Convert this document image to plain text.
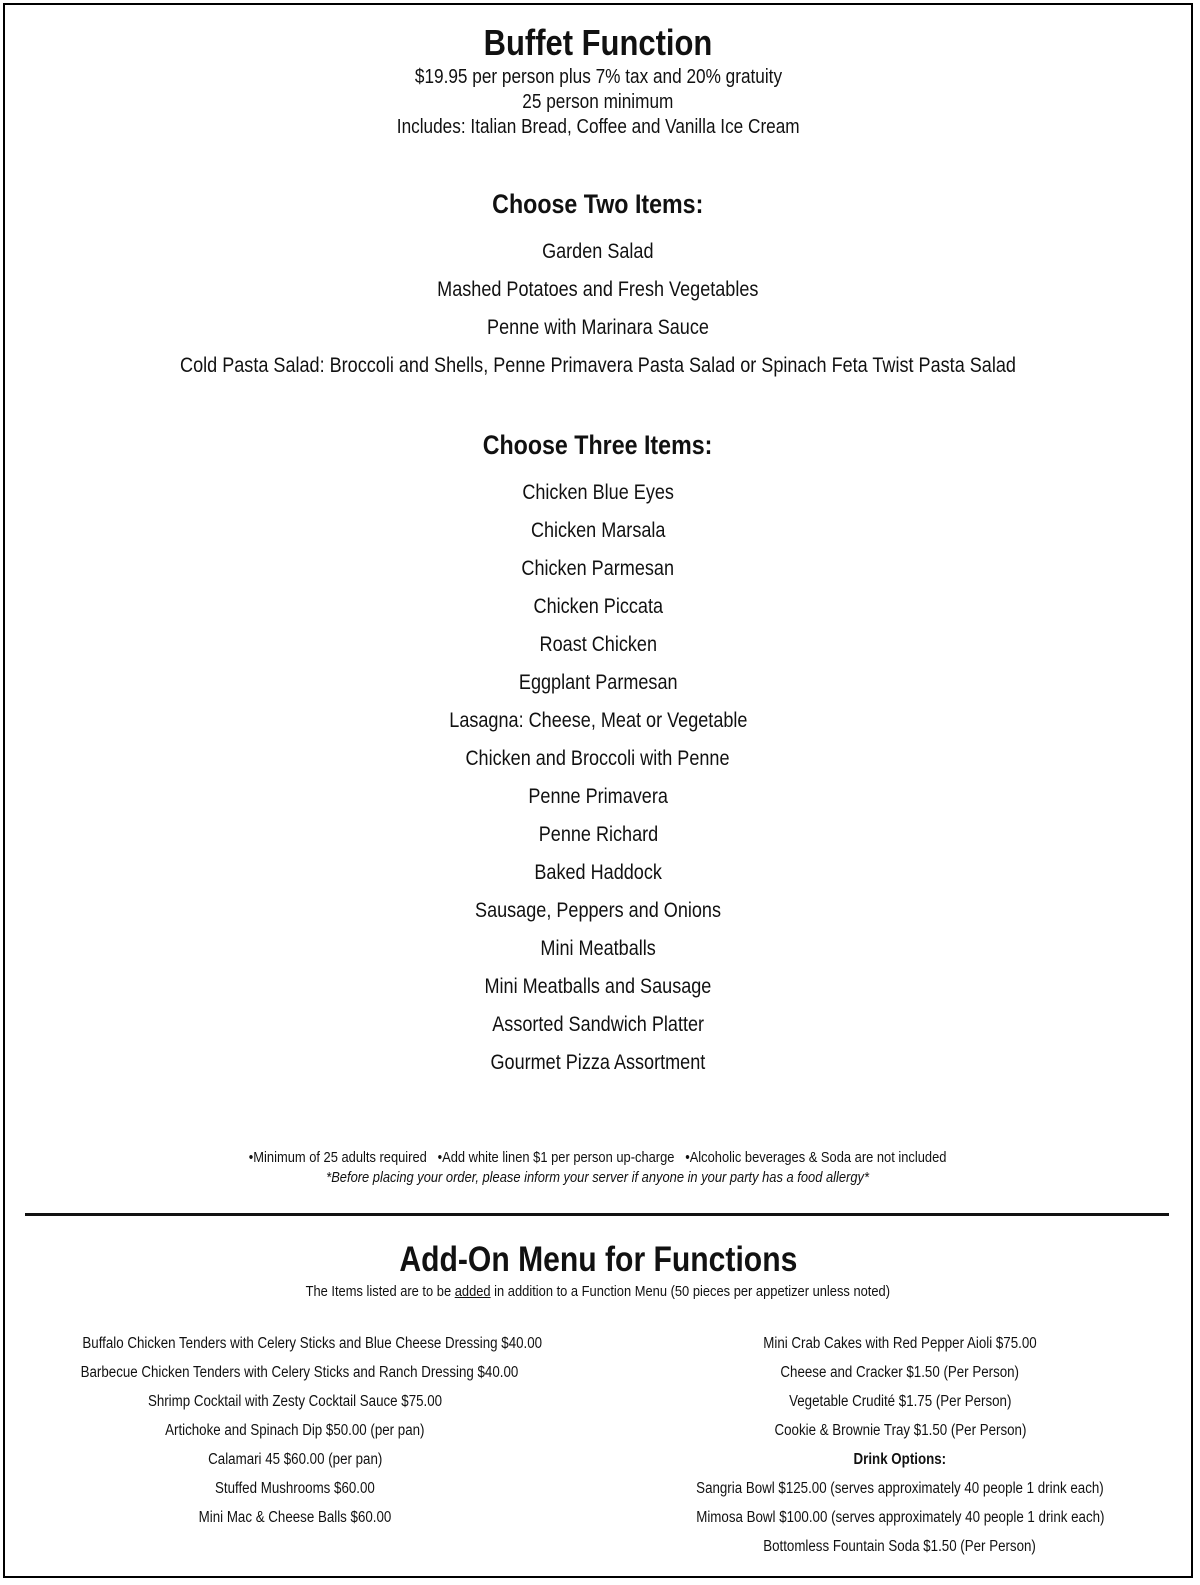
Buffet Function
$19.95 per person plus 7% tax and 20% gratuity
25 person minimum
Includes: Italian Bread, Coffee and Vanilla Ice Cream
Choose Two Items:
Garden Salad
Mashed Potatoes and Fresh Vegetables
Penne with Marinara Sauce
Cold Pasta Salad: Broccoli and Shells, Penne Primavera Pasta Salad or Spinach Feta Twist Pasta Salad
Choose Three Items:
Chicken Blue Eyes
Chicken Marsala
Chicken Parmesan
Chicken Piccata
Roast Chicken
Eggplant Parmesan
Lasagna: Cheese, Meat or Vegetable
Chicken and Broccoli with Penne
Penne Primavera
Penne Richard
Baked Haddock
Sausage, Peppers and Onions
Mini Meatballs
Mini Meatballs and Sausage
Assorted Sandwich Platter
Gourmet Pizza Assortment
•Minimum of 25 adults required   •Add white linen $1 per person up-charge   •Alcoholic beverages & Soda are not included
*Before placing your order, please inform your server if anyone in your party has a food allergy*
Add-On Menu for Functions
The Items listed are to be added in addition to a Function Menu (50 pieces per appetizer unless noted)
Buffalo Chicken Tenders with Celery Sticks and Blue Cheese Dressing $40.00
Barbecue Chicken Tenders with Celery Sticks and Ranch Dressing $40.00
Shrimp Cocktail with Zesty Cocktail Sauce $75.00
Artichoke and Spinach Dip $50.00 (per pan)
Calamari 45 $60.00 (per pan)
Stuffed Mushrooms $60.00
Mini Mac & Cheese Balls $60.00
Mini Crab Cakes with Red Pepper Aioli $75.00
Cheese and Cracker $1.50 (Per Person)
Vegetable Crudité $1.75 (Per Person)
Cookie & Brownie Tray $1.50 (Per Person)
Drink Options:
Sangria Bowl $125.00 (serves approximately 40 people 1 drink each)
Mimosa Bowl $100.00 (serves approximately 40 people 1 drink each)
Bottomless Fountain Soda $1.50 (Per Person)
